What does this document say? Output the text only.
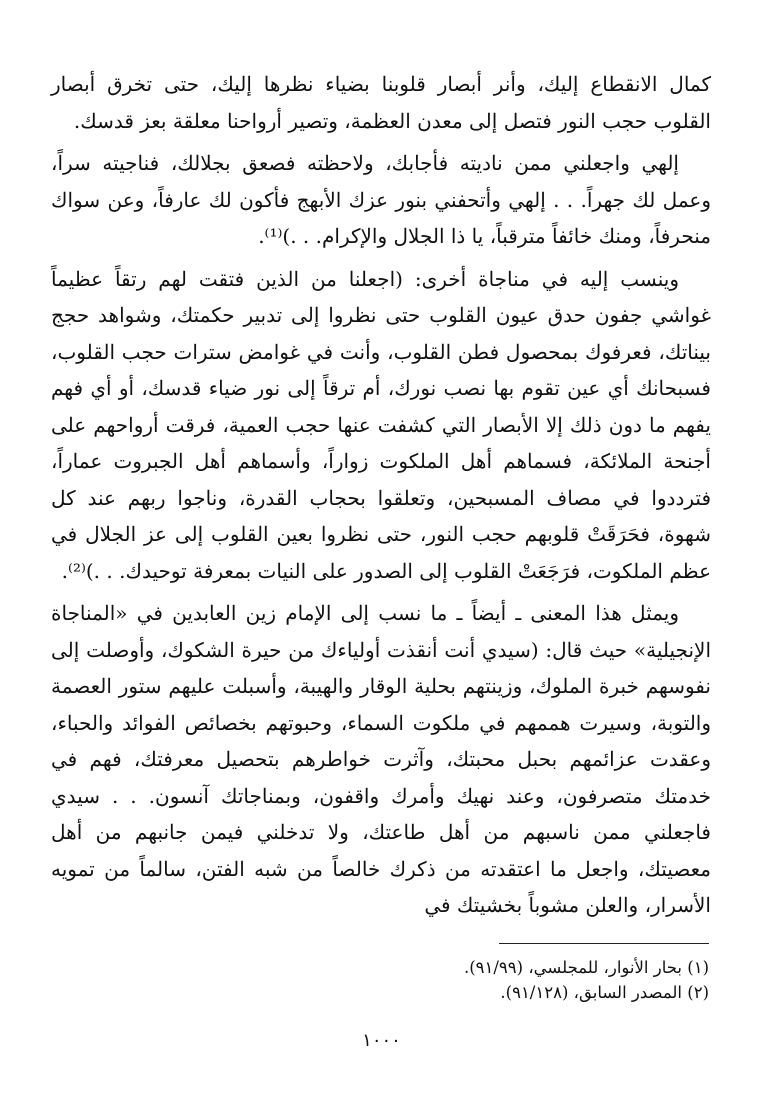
كمال الانقطاع إليك، وأنر أبصار قلوبنا بضياء نظرها إليك، حتى تخرق أبصار القلوب حجب النور فتصل إلى معدن العظمة، وتصير أرواحنا معلقة بعز قدسك.

إلهي واجعلني ممن ناديته فأجابك، ولاحظته فصعق بجلالك، فناجيته سراً، وعمل لك جهراً. . . إلهي وأتحفني بنور عزك الأبهج فأكون لك عارفاً، وعن سواك منحرفاً، ومنك خائفاً مترقباً، يا ذا الجلال والإكرام. . .)⁽¹⁾.

وينسب إليه في مناجاة أخرى: (اجعلنا من الذين فتقت لهم رتقاً عظيماً غواشي جفون حدق عيون القلوب حتى نظروا إلى تدبير حكمتك، وشواهد حجج بيناتك، فعرفوك بمحصول فطن القلوب، وأنت في غوامض سترات حجب القلوب، فسبحانك أي عين تقوم بها نصب نورك، أم ترقاً إلى نور ضياء قدسك، أو أي فهم يفهم ما دون ذلك إلا الأبصار التي كشفت عنها حجب العمية، فرقت أرواحهم على أجنحة الملائكة، فسماهم أهل الملكوت زواراً، وأسماهم أهل الجبروت عماراً، فترددوا في مصاف المسبحين، وتعلقوا بحجاب القدرة، وناجوا ربهم عند كل شهوة، فحَرَقَتْ قلوبهم حجب النور، حتى نظروا بعين القلوب إلى عز الجلال في عظم الملكوت، فرَجَعَتْ القلوب إلى الصدور على النيات بمعرفة توحيدك. . .)⁽²⁾.

ويمثل هذا المعنى ـ أيضاً ـ ما نسب إلى الإمام زين العابدين في «المناجاة الإنجيلية» حيث قال: (سيدي أنت أنقذت أولياءك من حيرة الشكوك، وأوصلت إلى نفوسهم خبرة الملوك، وزينتهم بحلية الوقار والهيبة، وأسبلت عليهم ستور العصمة والتوبة، وسيرت هممهم في ملكوت السماء، وحبوتهم بخصائص الفوائد والحباء، وعقدت عزائمهم بحبل محبتك، وآثرت خواطرهم بتحصيل معرفتك، فهم في خدمتك متصرفون، وعند نهيك وأمرك واقفون، وبمناجاتك آنسون. . . سيدي فاجعلني ممن ناسبهم من أهل طاعتك، ولا تدخلني فيمن جانبهم من أهل معصيتك، واجعل ما اعتقدته من ذكرك خالصاً من شبه الفتن، سالماً من تمويه الأسرار، والعلن مشوباً بخشيتك في

(١) بحار الأنوار، للمجلسي، (٩١/٩٩).

(٢) المصدر السابق، (٩١/١٢٨).

١٠٠٠
